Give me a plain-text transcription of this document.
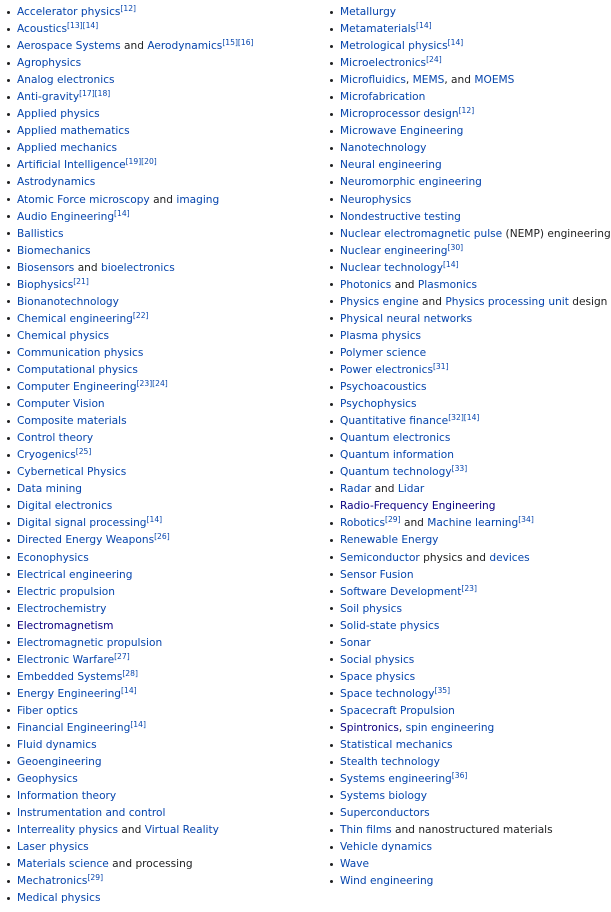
Accelerator physics[12]
Acoustics[13][14]
Aerospace Systems and Aerodynamics[15][16]
Agrophysics
Analog electronics
Anti-gravity[17][18]
Applied physics
Applied mathematics
Applied mechanics
Artificial Intelligence[19][20]
Astrodynamics
Atomic Force microscopy and imaging
Audio Engineering[14]
Ballistics
Biomechanics
Biosensors and bioelectronics
Biophysics[21]
Bionanotechnology
Chemical engineering[22]
Chemical physics
Communication physics
Computational physics
Computer Engineering[23][24]
Computer Vision
Composite materials
Control theory
Cryogenics[25]
Cybernetical Physics
Data mining
Digital electronics
Digital signal processing[14]
Directed Energy Weapons[26]
Econophysics
Electrical engineering
Electric propulsion
Electrochemistry
Electromagnetism
Electromagnetic propulsion
Electronic Warfare[27]
Embedded Systems[28]
Energy Engineering[14]
Fiber optics
Financial Engineering[14]
Fluid dynamics
Geoengineering
Geophysics
Information theory
Instrumentation and control
Interreality physics and Virtual Reality
Laser physics
Materials science and processing
Mechatronics[29]
Medical physics
Metallurgy
Metamaterials[14]
Metrological physics[14]
Microelectronics[24]
Microfluidics, MEMS, and MOEMS
Microfabrication
Microprocessor design[12]
Microwave Engineering
Nanotechnology
Neural engineering
Neuromorphic engineering
Neurophysics
Nondestructive testing
Nuclear electromagnetic pulse (NEMP) engineering
Nuclear engineering[30]
Nuclear technology[14]
Photonics and Plasmonics
Physics engine and Physics processing unit design
Physical neural networks
Plasma physics
Polymer science
Power electronics[31]
Psychoacoustics
Psychophysics
Quantitative finance[32][14]
Quantum electronics
Quantum information
Quantum technology[33]
Radar and Lidar
Radio-Frequency Engineering
Robotics[29] and Machine learning[34]
Renewable Energy
Semiconductor physics and devices
Sensor Fusion
Software Development[23]
Soil physics
Solid-state physics
Sonar
Social physics
Space physics
Space technology[35]
Spacecraft Propulsion
Spintronics, spin engineering
Statistical mechanics
Stealth technology
Systems engineering[36]
Systems biology
Superconductors
Thin films and nanostructured materials
Vehicle dynamics
Wave
Wind engineering
